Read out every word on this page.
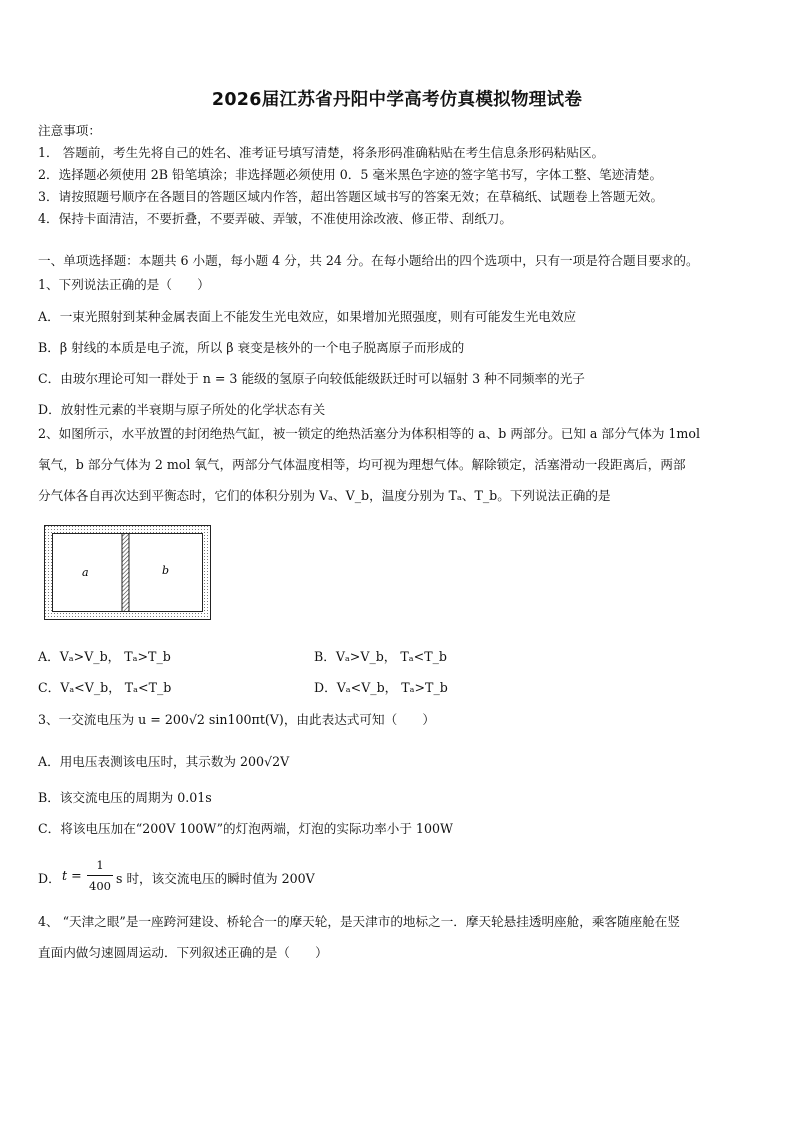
2026届江苏省丹阳中学高考仿真模拟物理试卷
注意事项：
1． 答题前，考生先将自己的姓名、准考证号填写清楚，将条形码准确粘贴在考生信息条形码粘贴区。
2．选择题必须使用 2B 铅笔填涂；非选择题必须使用 0．5 毫米黑色字迹的签字笔书写，字体工整、笔迹清楚。
3．请按照题号顺序在各题目的答题区域内作答，超出答题区域书写的答案无效；在草稿纸、试题卷上答题无效。
4．保持卡面清洁，不要折叠，不要弄破、弄皱，不准使用涂改液、修正带、刮纸刀。
一、单项选择题：本题共 6 小题，每小题 4 分，共 24 分。在每小题给出的四个选项中，只有一项是符合题目要求的。
1、下列说法正确的是（　　）
A．一束光照射到某种金属表面上不能发生光电效应，如果增加光照强度，则有可能发生光电效应
B．β 射线的本质是电子流，所以 β 衰变是核外的一个电子脱离原子而形成的
C．由玻尔理论可知一群处于 n = 3 能级的氢原子向较低能级跃迁时可以辐射 3 种不同频率的光子
D．放射性元素的半衰期与原子所处的化学状态有关
2、如图所示，水平放置的封闭绝热气缸，被一锁定的绝热活塞分为体积相等的 a、b 两部分。已知 a 部分气体为 1mol
氧气，b 部分气体为 2 mol 氧气，两部分气体温度相等，均可视为理想气体。解除锁定，活塞滑动一段距离后，两部
分气体各自再次达到平衡态时，它们的体积分别为 Vₐ、V_b，温度分别为 Tₐ、T_b。下列说法正确的是
a	b
A．Vₐ>V_b， Tₐ>T_b	B．Vₐ>V_b， Tₐ<T_b
C．Vₐ<V_b， Tₐ<T_b	D．Vₐ<V_b， Tₐ>T_b
3、一交流电压为 u = 200√2 sin100πt(V)，由此表达式可知（　　）
A．用电压表测该电压时，其示数为 200√2V
B．该交流电压的周期为 0.01s
C．将该电压加在“200V 100W”的灯泡两端，灯泡的实际功率小于 100W
D． t =
1
400 s 时，该交流电压的瞬时值为 200V
4、 “天津之眼”是一座跨河建设、桥轮合一的摩天轮，是天津市的地标之一．摩天轮悬挂透明座舱，乘客随座舱在竖
直面内做匀速圆周运动．下列叙述正确的是（　　）
